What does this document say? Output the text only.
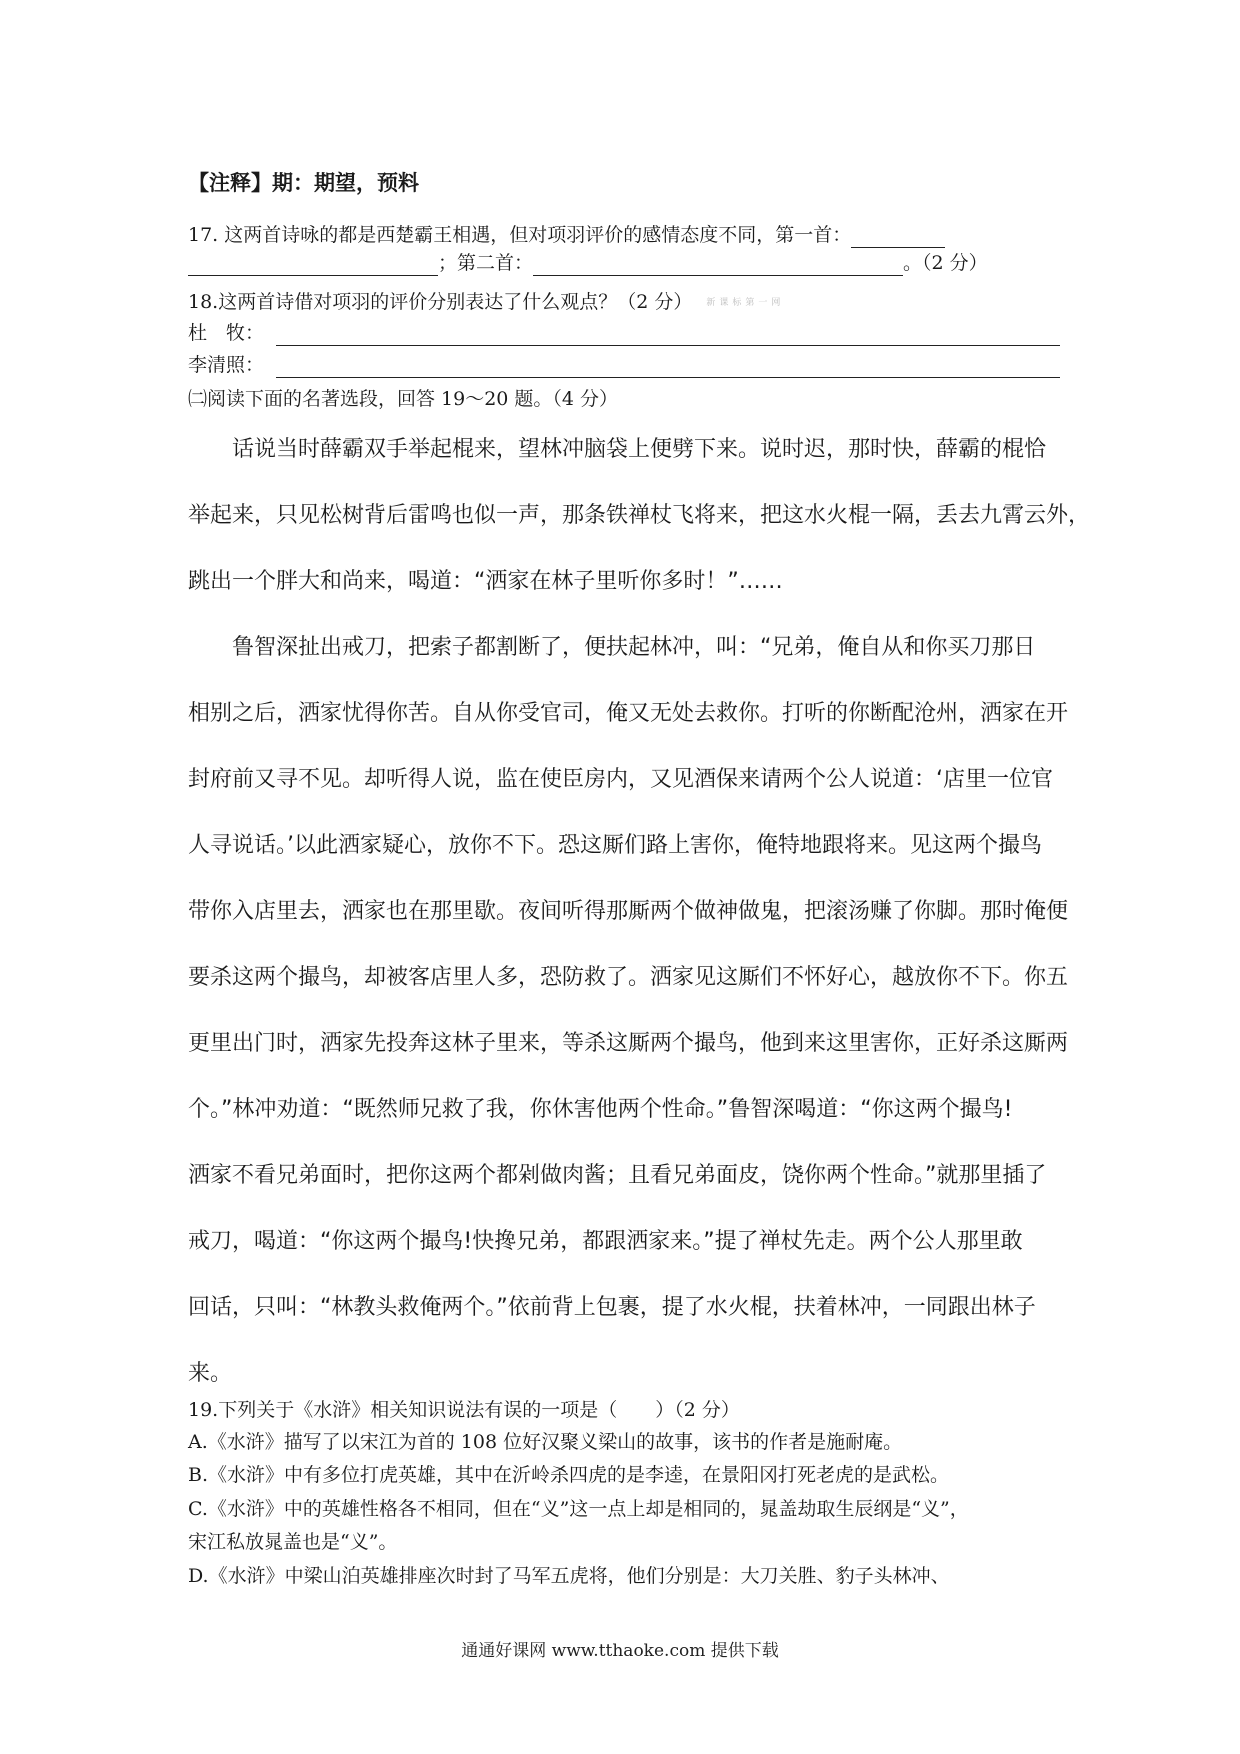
【注释】期：期望，预料
17. 这两首诗咏的都是西楚霸王相遇，但对项羽评价的感情态度不同，第一首：
；第二首：	。（2 分）
18.这两首诗借对项羽的评价分别表达了什么观点？（2 分） 新课标第一网
杜　牧：
李清照：
㈡阅读下面的名著选段，回答 19～20 题。（4 分）

　　话说当时薛霸双手举起棍来，望林冲脑袋上便劈下来。说时迟，那时快，薛霸的棍恰

举起来，只见松树背后雷鸣也似一声，那条铁禅杖飞将来，把这水火棍一隔，丢去九霄云外，

跳出一个胖大和尚来，喝道：“洒家在林子里听你多时！”……

　　鲁智深扯出戒刀，把索子都割断了，便扶起林冲，叫：“兄弟，俺自从和你买刀那日

相别之后，洒家忧得你苦。自从你受官司，俺又无处去救你。打听的你断配沧州，洒家在开

封府前又寻不见。却听得人说，监在使臣房内，又见酒保来请两个公人说道：‘店里一位官

人寻说话。’以此洒家疑心，放你不下。恐这厮们路上害你，俺特地跟将来。见这两个撮鸟

带你入店里去，洒家也在那里歇。夜间听得那厮两个做神做鬼，把滚汤赚了你脚。那时俺便

要杀这两个撮鸟，却被客店里人多，恐防救了。洒家见这厮们不怀好心，越放你不下。你五

更里出门时，洒家先投奔这林子里来，等杀这厮两个撮鸟，他到来这里害你，正好杀这厮两

个。”林冲劝道：“既然师兄救了我，你休害他两个性命。”鲁智深喝道：“你这两个撮鸟!

洒家不看兄弟面时，把你这两个都剁做肉酱；且看兄弟面皮，饶你两个性命。”就那里插了

戒刀，喝道：“你这两个撮鸟!快搀兄弟，都跟洒家来。”提了禅杖先走。两个公人那里敢

回话，只叫：“林教头救俺两个。”依前背上包裹，提了水火棍，扶着林冲，一同跟出林子

来。

19.下列关于《水浒》相关知识说法有误的一项是（　　）（2 分）
A.《水浒》描写了以宋江为首的 108 位好汉聚义梁山的故事，该书的作者是施耐庵。
B.《水浒》中有多位打虎英雄，其中在沂岭杀四虎的是李逵，在景阳冈打死老虎的是武松。
C.《水浒》中的英雄性格各不相同，但在“义”这一点上却是相同的，晁盖劫取生辰纲是“义”，
宋江私放晁盖也是“义”。
D.《水浒》中梁山泊英雄排座次时封了马军五虎将，他们分别是：大刀关胜、豹子头林冲、
通通好课网 www.tthaoke.com 提供下载
